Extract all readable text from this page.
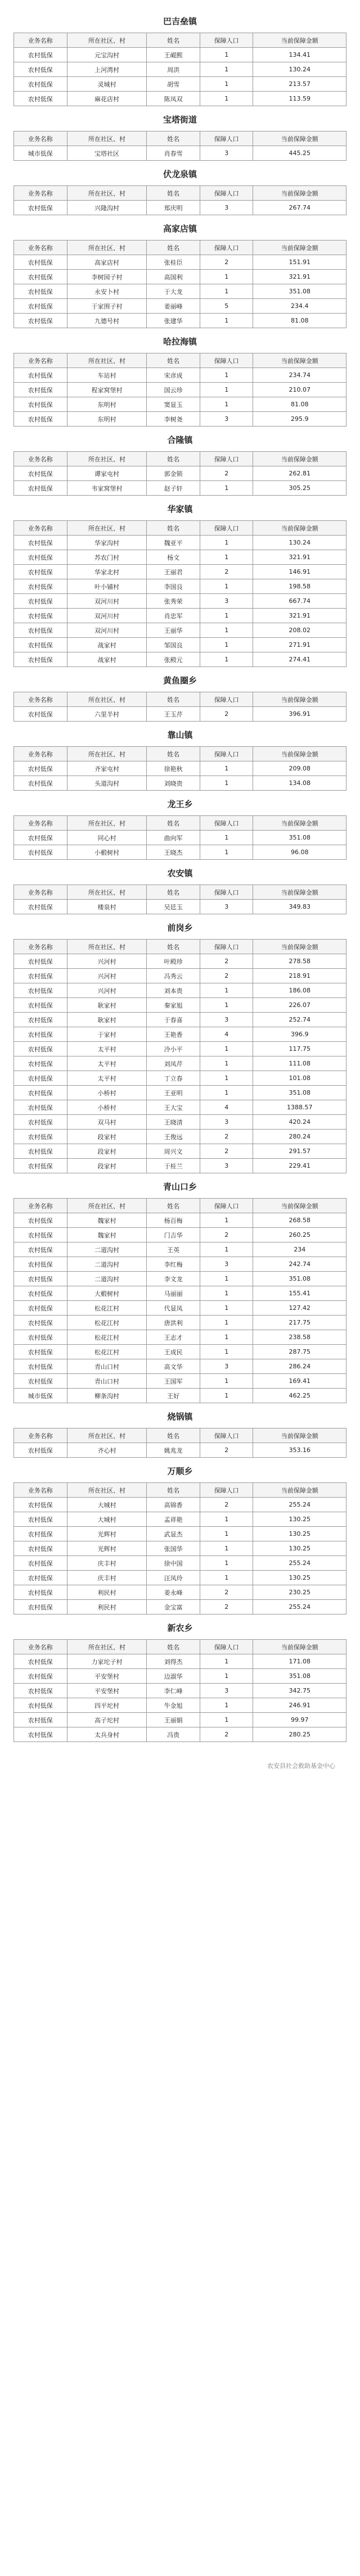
巴吉垒镇
业务名称	所在社区、村	姓名	保障人口	当前保障金额
农村低保	元宝沟村	王崐熙	1	134.41
农村低保	上河湾村	周洪	1	130.24
农村低保	灵城村	胡雪	1	213.57
农村低保	麻花店村	陈凤双	1	113.59
宝塔街道
业务名称	所在社区、村	姓名	保障人口	当前保障金额
城市低保	宝塔社区	肖春雪	3	445.25
伏龙泉镇
业务名称	所在社区、村	姓名	保障人口	当前保障金额
农村低保	兴隆沟村	郑庆明	3	267.74
高家店镇
业务名称	所在社区、村	姓名	保障人口	当前保障金额
农村低保	高家店村	张桂臣	2	151.91
农村低保	李树园子村	高国利	1	321.91
农村低保	永安卜村	于大龙	1	351.08
农村低保	于家围子村	姜丽峰	5	234.4
农村低保	九德号村	张建华	1	81.08
哈拉海镇
业务名称	所在社区、村	姓名	保障人口	当前保障金额
农村低保	车站村	宋彦成	1	234.74
农村低保	程家窝堡村	国云珍	1	210.07
农村低保	东明村	窦显玉	1	81.08
农村低保	东明村	李树尧	3	295.9
合隆镇
业务名称	所在社区、村	姓名	保障人口	当前保障金额
农村低保	谭家屯村	郭金锁	2	262.81
农村低保	韦家窝堡村	赵子轩	1	305.25
华家镇
业务名称	所在社区、村	姓名	保障人口	当前保障金额
农村低保	华家沟村	魏亚平	1	130.24
农村低保	苏农门村	杨文	1	321.91
农村低保	华家北村	王丽君	2	146.91
农村低保	叶小铺村	李国良	1	198.58
农村低保	双河川村	张秀荣	3	667.74
农村低保	双河川村	肖忠军	1	321.91
农村低保	双河川村	王丽华	1	208.02
农村低保	战家村	邹国良	1	271.91
农村低保	战家村	张殿元	1	274.41
黄鱼圈乡
业务名称	所在社区、村	姓名	保障人口	当前保障金额
农村低保	六里半村	王玉芹	2	396.91
靠山镇
业务名称	所在社区、村	姓名	保障人口	当前保障金额
农村低保	齐家屯村	徐艳秋	1	209.08
农村低保	头道沟村	刘晓贵	1	134.08
龙王乡
业务名称	所在社区、村	姓名	保障人口	当前保障金额
农村低保	同心村	曲向军	1	351.08
农村低保	小椴树村	王晓杰	1	96.08
农安镇
业务名称	所在社区、村	姓名	保障人口	当前保障金额
农村低保	楼泉村	吴廷玉	3	349.83
前岗乡
业务名称	所在社区、村	姓名	保障人口	当前保障金额
农村低保	兴河村	叶殿珍	2	278.58
农村低保	兴河村	冯秀云	2	218.91
农村低保	兴河村	刘本贵	1	186.08
农村低保	耿家村	秦家旭	1	226.07
农村低保	耿家村	于春喜	3	252.74
农村低保	于家村	王艳香	4	396.9
农村低保	太平村	冷小平	1	117.75
农村低保	太平村	刘凤芹	1	111.08
农村低保	太平村	丁立春	1	101.08
农村低保	小桥村	王亚明	1	351.08
农村低保	小桥村	王大宝	4	1388.57
农村低保	双马村	王晓清	3	420.24
农村低保	段家村	王俊远	2	280.24
农村低保	段家村	周兴文	2	291.57
农村低保	段家村	于桂兰	3	229.41
青山口乡
业务名称	所在社区、村	姓名	保障人口	当前保障金额
农村低保	魏家村	杨百梅	1	268.58
农村低保	魏家村	门吉华	2	260.25
农村低保	二道沟村	王英	1	234
农村低保	二道沟村	李红梅	3	242.74
农村低保	二道沟村	李文龙	1	351.08
农村低保	大椴树村	马丽丽	1	155.41
农村低保	松花江村	代显凤	1	127.42
农村低保	松花江村	唐洪利	1	217.75
农村低保	松花江村	王志才	1	238.58
农村低保	松花江村	王成民	1	287.75
农村低保	青山口村	高文华	3	286.24
农村低保	青山口村	王国军	1	169.41
城市低保	柳条沟村	王好	1	462.25
烧锅镇
业务名称	所在社区、村	姓名	保障人口	当前保障金额
农村低保	齐心村	姚兆龙	2	353.16
万顺乡
业务名称	所在社区、村	姓名	保障人口	当前保障金额
农村低保	大城村	高锦香	2	255.24
农村低保	大城村	孟祥艳	1	130.25
农村低保	光辉村	武显杰	1	130.25
农村低保	光辉村	张国华	1	130.25
农村低保	庆丰村	徐中国	1	255.24
农村低保	庆丰村	汪凤玲	1	130.25
农村低保	利民村	姜永峰	2	230.25
农村低保	利民村	金宝富	2	255.24
新农乡
业务名称	所在社区、村	姓名	保障人口	当前保障金额
农村低保	力家坨子村	刘得杰	1	171.08
农村低保	平安堡村	边淑华	1	351.08
农村低保	平安堡村	李仁峰	3	342.75
农村低保	四平坨村	牛金旭	1	246.91
农村低保	高子坨村	王丽娟	1	99.97
农村低保	太兵身村	冯贵	2	280.25
农安县社会救助基金中心
